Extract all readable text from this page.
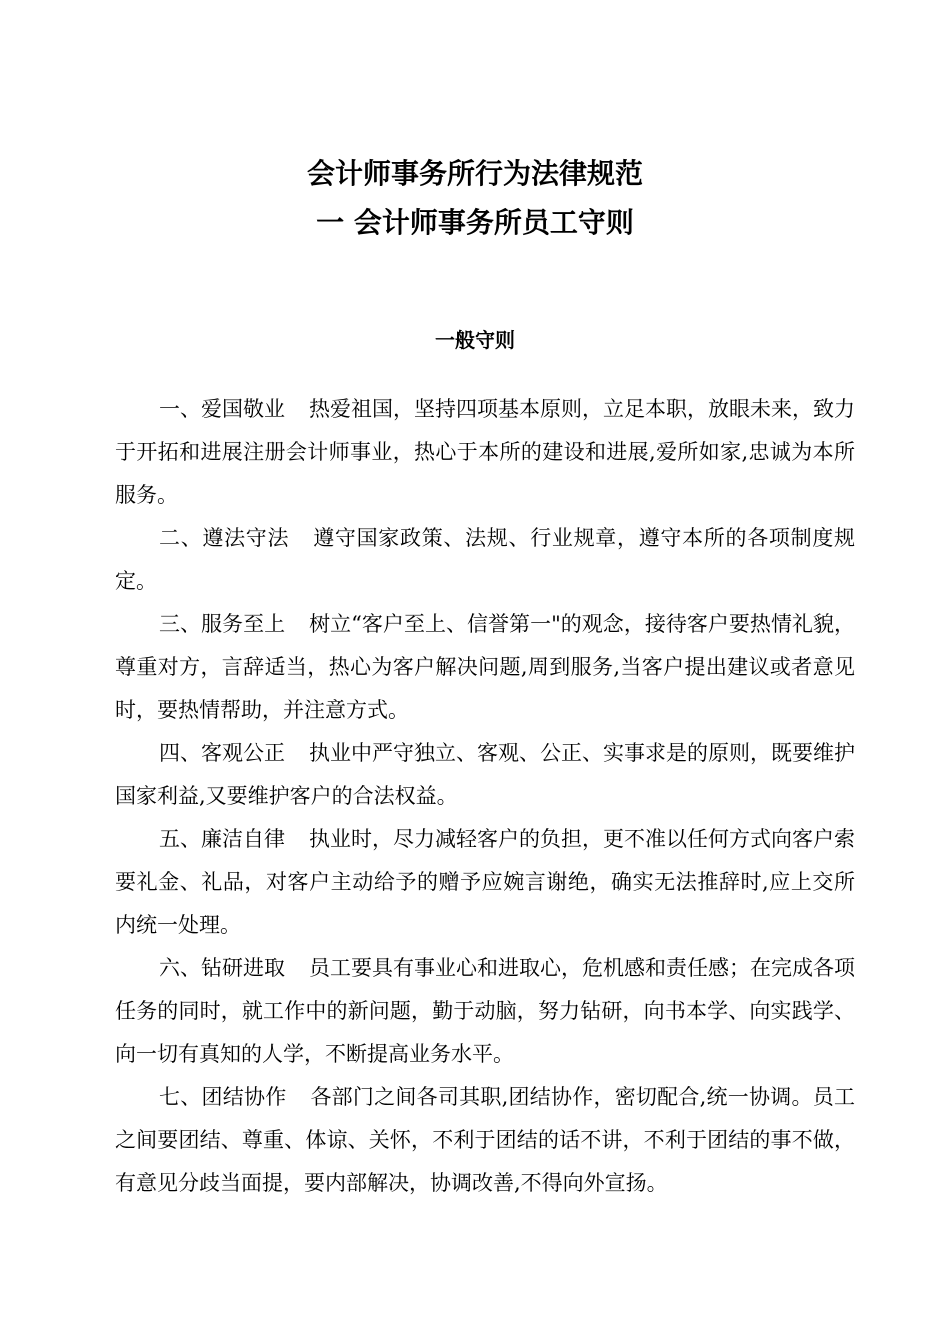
会计师事务所行为法律规范
一 会计师事务所员工守则
一般守则

一、爱国敬业 热爱祖国，坚持四项基本原则，立足本职，放眼未来，致力于开拓和进展注册会计师事业，热心于本所的建设和进展,爱所如家,忠诚为本所服务。

二、遵法守法 遵守国家政策、法规、行业规章，遵守本所的各项制度规定。

三、服务至上 树立“客户至上、信誉第一"的观念，接待客户要热情礼貌，尊重对方，言辞适当，热心为客户解决问题,周到服务,当客户提出建议或者意见时，要热情帮助，并注意方式。

四、客观公正 执业中严守独立、客观、公正、实事求是的原则，既要维护国家利益,又要维护客户的合法权益。

五、廉洁自律 执业时，尽力减轻客户的负担，更不准以任何方式向客户索要礼金、礼品，对客户主动给予的赠予应婉言谢绝，确实无法推辞时,应上交所内统一处理。

六、钻研进取 员工要具有事业心和进取心，危机感和责任感；在完成各项任务的同时，就工作中的新问题，勤于动脑，努力钻研，向书本学、向实践学、向一切有真知的人学，不断提高业务水平。

七、团结协作 各部门之间各司其职,团结协作，密切配合,统一协调。员工之间要团结、尊重、体谅、关怀，不利于团结的话不讲，不利于团结的事不做，有意见分歧当面提，要内部解决，协调改善,不得向外宣扬。
